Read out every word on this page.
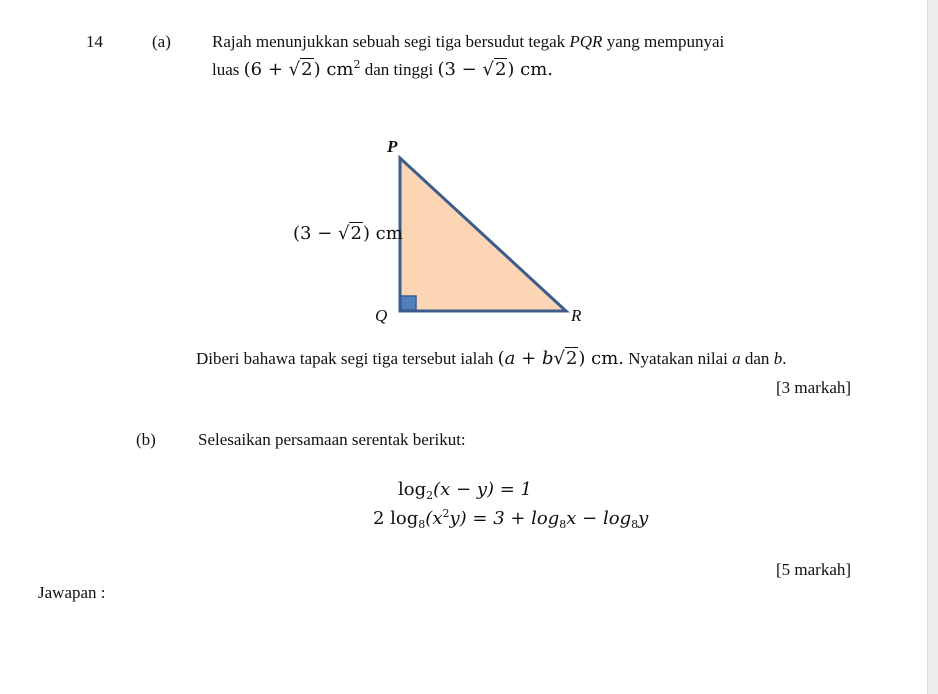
14	(a) Rajah menunjukkan sebuah segi tiga bersudut tegak PQR yang mempunyai
luas (6 + √2) $cm^2$ dan tinggi (3 − √2) cm.
P
Q	R
(3 − √2) cm
Diberi bahawa tapak segi tiga tersebut ialah (a + b√2) cm. Nyatakan nilai a dan b.
[3 markah]
(b) Selesaikan persamaan serentak berikut:
$\log_2(x - y) = 1$
2 $\log_8(x^2y) = 3 + \log_8x - \log_8y$
[5 markah]
Jawapan :
